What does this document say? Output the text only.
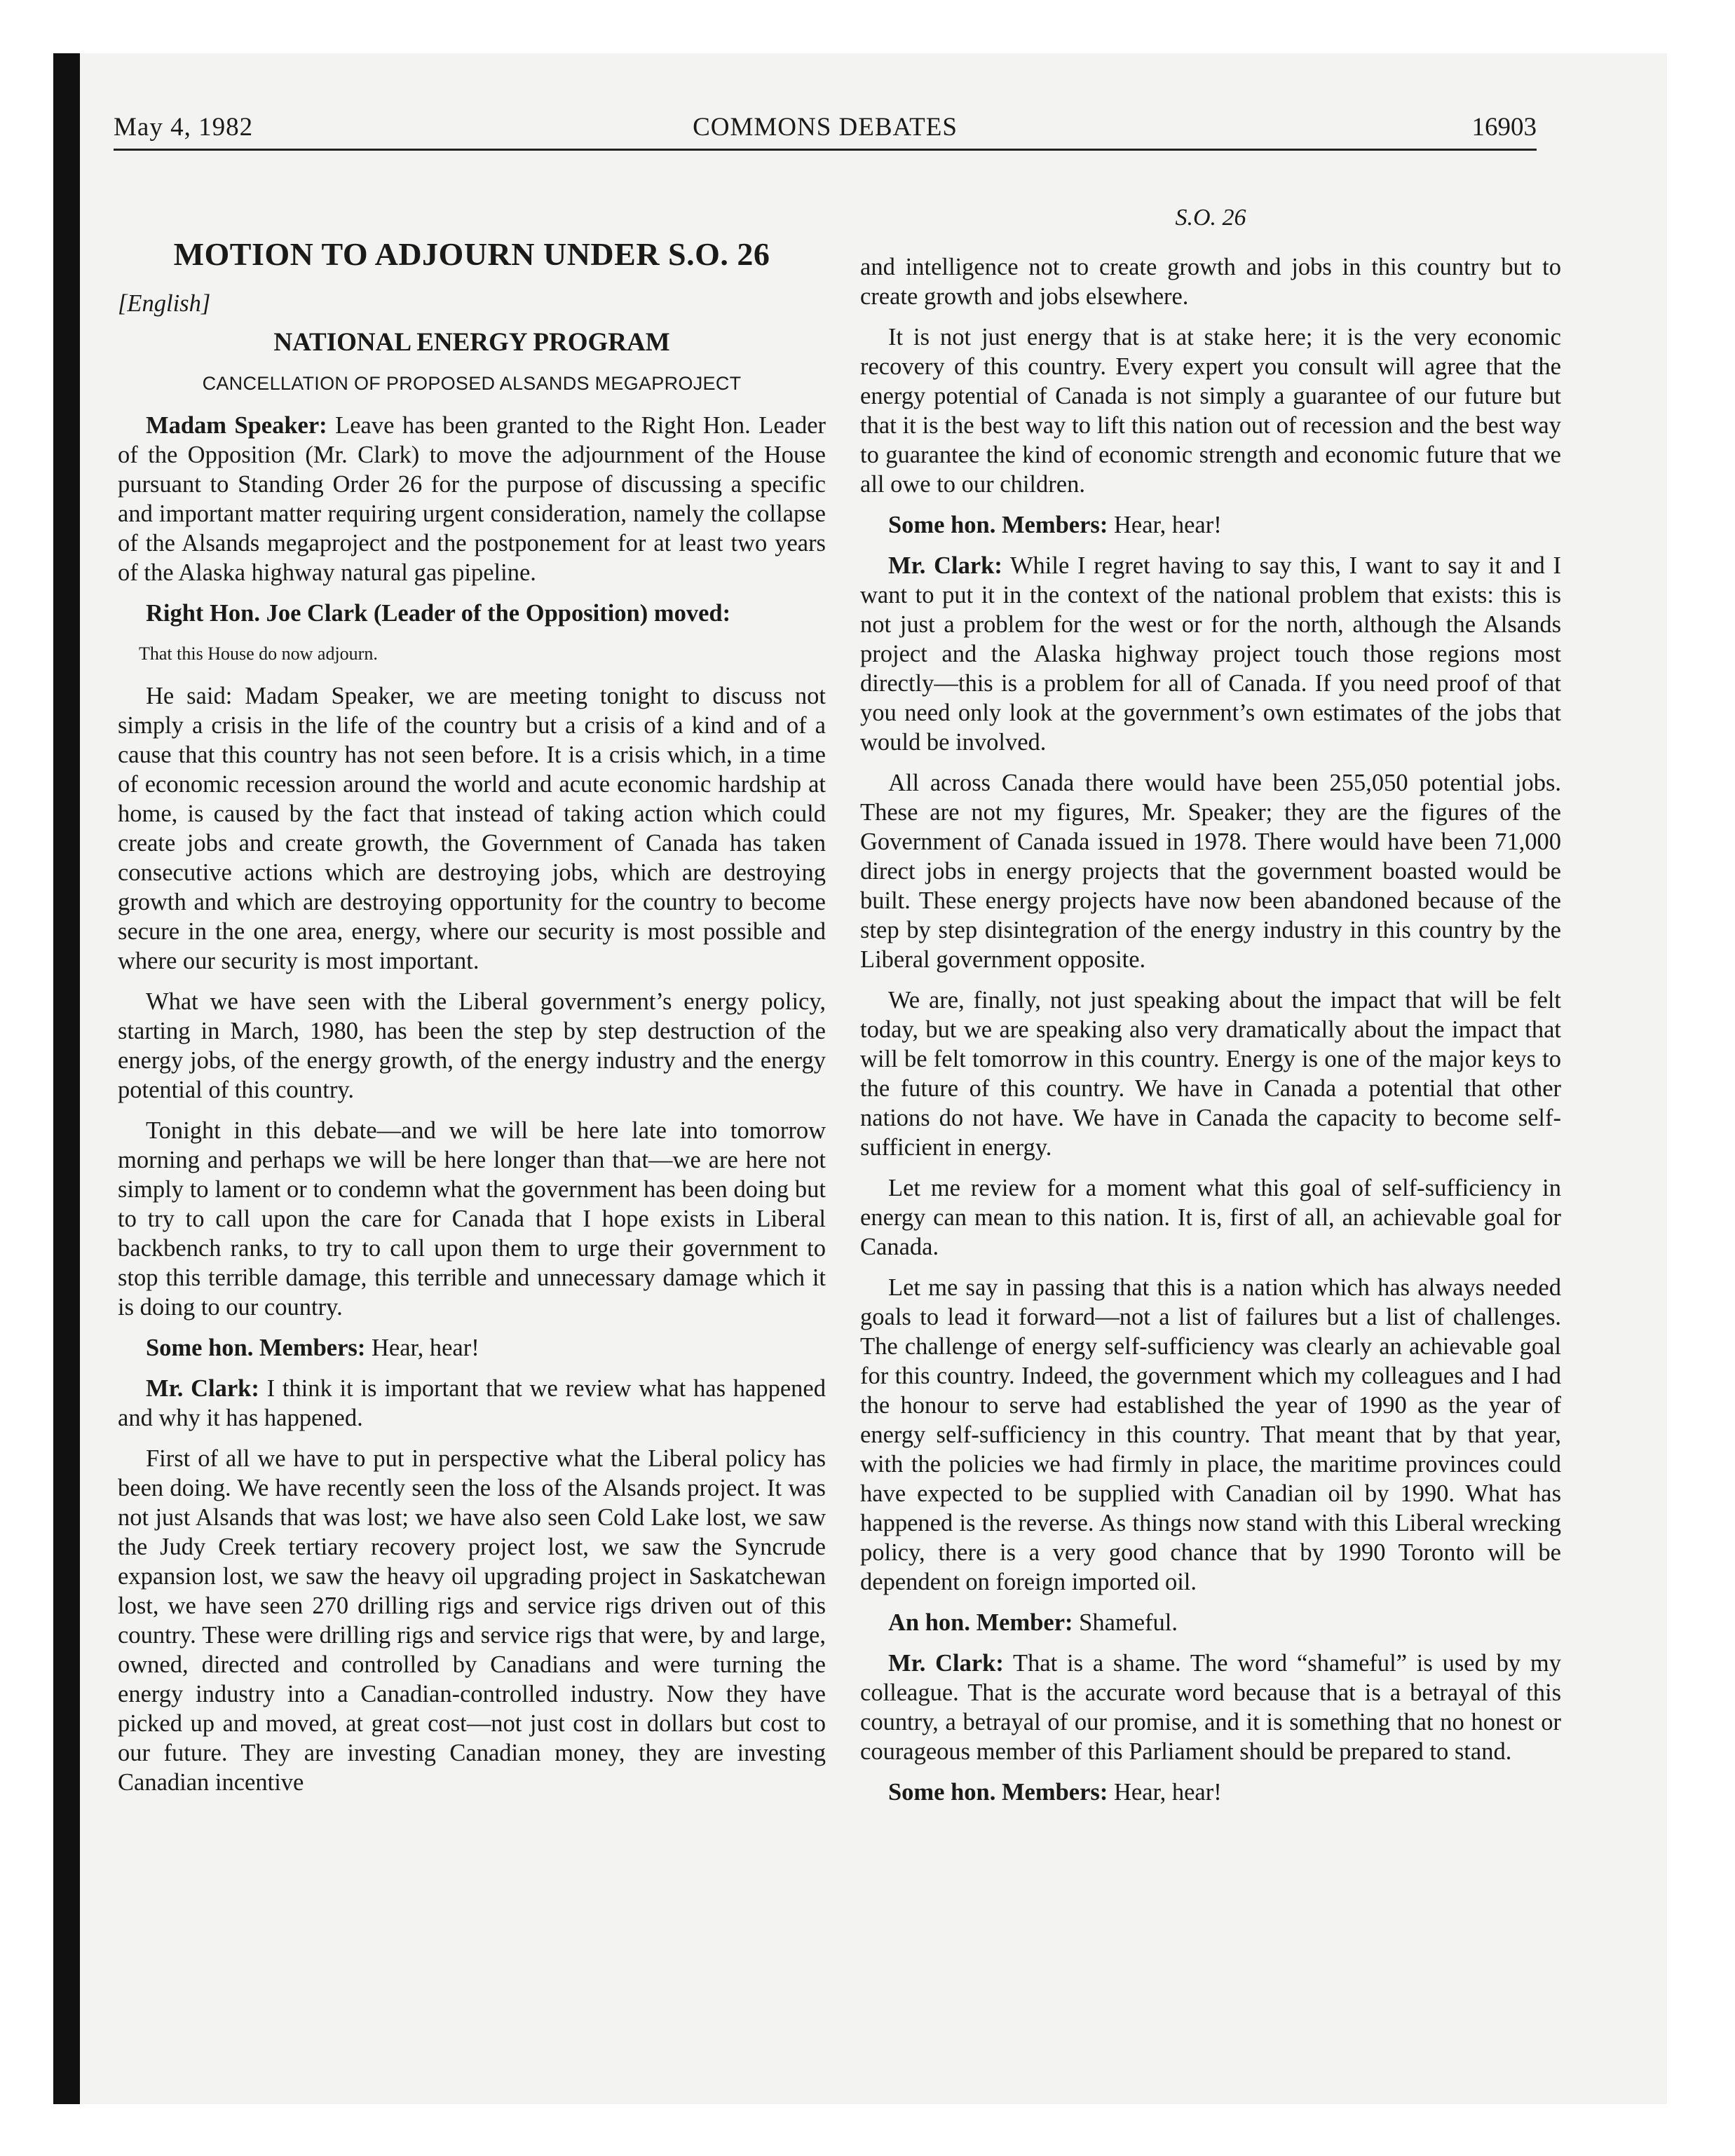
May 4, 1982	COMMONS DEBATES	16903
S.O. 26
MOTION TO ADJOURN UNDER S.O. 26
[English]
NATIONAL ENERGY PROGRAM
CANCELLATION OF PROPOSED ALSANDS MEGAPROJECT

Madam Speaker: Leave has been granted to the Right Hon. Leader of the Opposition (Mr. Clark) to move the adjournment of the House pursuant to Standing Order 26 for the purpose of discussing a specific and important matter requiring urgent consideration, namely the collapse of the Alsands megaproject and the postponement for at least two years of the Alaska highway natural gas pipeline.

Right Hon. Joe Clark (Leader of the Opposition) moved:

That this House do now adjourn.

He said: Madam Speaker, we are meeting tonight to discuss not simply a crisis in the life of the country but a crisis of a kind and of a cause that this country has not seen before. It is a crisis which, in a time of economic recession around the world and acute economic hardship at home, is caused by the fact that instead of taking action which could create jobs and create growth, the Government of Canada has taken consecutive actions which are destroying jobs, which are destroying growth and which are destroying opportunity for the country to become secure in the one area, energy, where our security is most possible and where our security is most important.

What we have seen with the Liberal government’s energy policy, starting in March, 1980, has been the step by step destruction of the energy jobs, of the energy growth, of the energy industry and the energy potential of this country.

Tonight in this debate—and we will be here late into tomorrow morning and perhaps we will be here longer than that—we are here not simply to lament or to condemn what the government has been doing but to try to call upon the care for Canada that I hope exists in Liberal backbench ranks, to try to call upon them to urge their government to stop this terrible damage, this terrible and unnecessary damage which it is doing to our country.

Some hon. Members: Hear, hear!

Mr. Clark: I think it is important that we review what has happened and why it has happened.

First of all we have to put in perspective what the Liberal policy has been doing. We have recently seen the loss of the Alsands project. It was not just Alsands that was lost; we have also seen Cold Lake lost, we saw the Judy Creek tertiary recovery project lost, we saw the Syncrude expansion lost, we saw the heavy oil upgrading project in Saskatchewan lost, we have seen 270 drilling rigs and service rigs driven out of this country. These were drilling rigs and service rigs that were, by and large, owned, directed and controlled by Canadians and were turning the energy industry into a Canadian-controlled industry. Now they have picked up and moved, at great cost—not just cost in dollars but cost to our future. They are investing Canadian money, they are investing Canadian incentive

and intelligence not to create growth and jobs in this country but to create growth and jobs elsewhere.

It is not just energy that is at stake here; it is the very economic recovery of this country. Every expert you consult will agree that the energy potential of Canada is not simply a guarantee of our future but that it is the best way to lift this nation out of recession and the best way to guarantee the kind of economic strength and economic future that we all owe to our children.

Some hon. Members: Hear, hear!

Mr. Clark: While I regret having to say this, I want to say it and I want to put it in the context of the national problem that exists: this is not just a problem for the west or for the north, although the Alsands project and the Alaska highway project touch those regions most directly—this is a problem for all of Canada. If you need proof of that you need only look at the government’s own estimates of the jobs that would be involved.

All across Canada there would have been 255,050 potential jobs. These are not my figures, Mr. Speaker; they are the figures of the Government of Canada issued in 1978. There would have been 71,000 direct jobs in energy projects that the government boasted would be built. These energy projects have now been abandoned because of the step by step disintegration of the energy industry in this country by the Liberal government opposite.

We are, finally, not just speaking about the impact that will be felt today, but we are speaking also very dramatically about the impact that will be felt tomorrow in this country. Energy is one of the major keys to the future of this country. We have in Canada a potential that other nations do not have. We have in Canada the capacity to become self-sufficient in energy.

Let me review for a moment what this goal of self-sufficiency in energy can mean to this nation. It is, first of all, an achievable goal for Canada.

Let me say in passing that this is a nation which has always needed goals to lead it forward—not a list of failures but a list of challenges. The challenge of energy self-sufficiency was clearly an achievable goal for this country. Indeed, the government which my colleagues and I had the honour to serve had established the year of 1990 as the year of energy self-sufficiency in this country. That meant that by that year, with the policies we had firmly in place, the maritime provinces could have expected to be supplied with Canadian oil by 1990. What has happened is the reverse. As things now stand with this Liberal wrecking policy, there is a very good chance that by 1990 Toronto will be dependent on foreign imported oil.

An hon. Member: Shameful.

Mr. Clark: That is a shame. The word “shameful” is used by my colleague. That is the accurate word because that is a betrayal of this country, a betrayal of our promise, and it is something that no honest or courageous member of this Parliament should be prepared to stand.

Some hon. Members: Hear, hear!
